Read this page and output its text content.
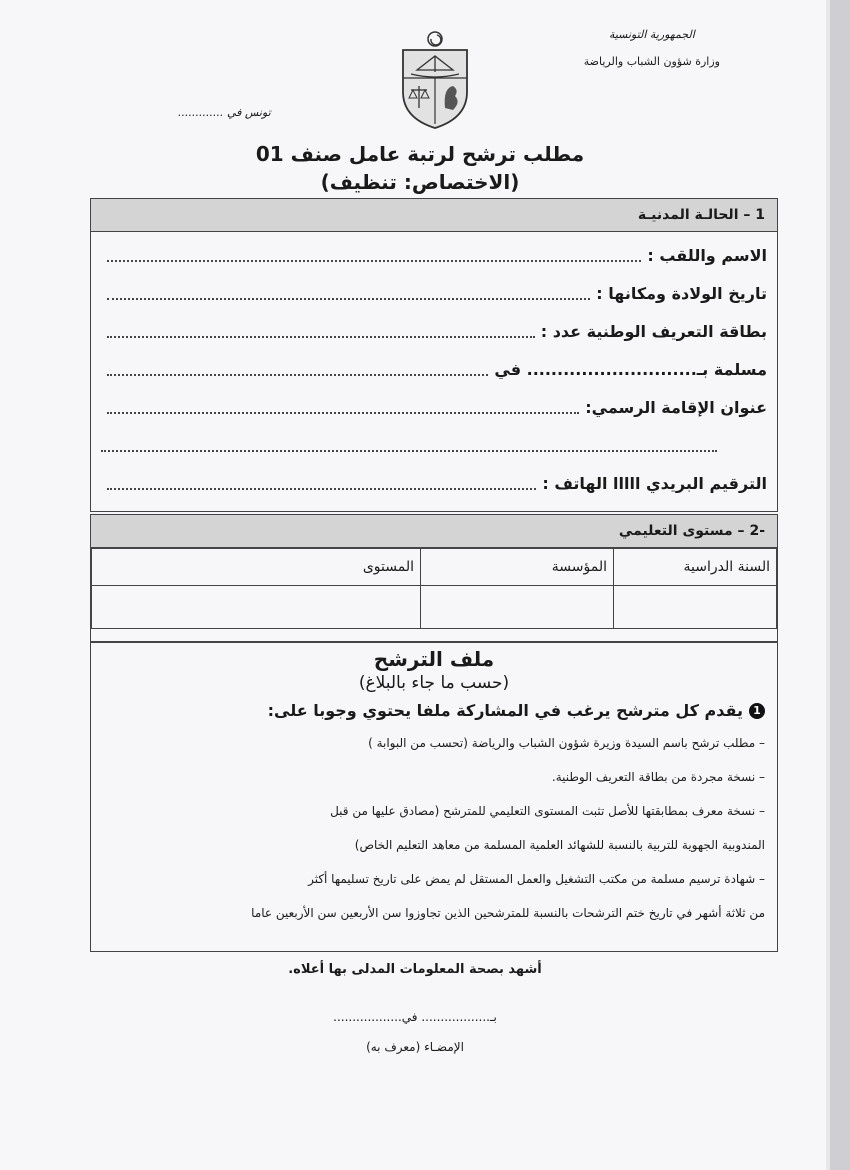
الجمهورية التونسية
وزارة شؤون الشباب والرياضة
تونس في .............
مطلب ترشح لرتبة عامل صنف 01
(الاختصاص: تنظيف)
1 – الحالـة المدنيـة
الاسم واللقب :
تاريخ الولادة ومكانها :
بطاقة التعريف الوطنية عدد :
مسلمة بـ............................ في
عنوان الإقامة الرسمي:
الترقيم البريدي ااااا الهاتف :
-2 – مستوى التعليمي
السنة الدراسية	المؤسسة	المستوى

ملف الترشح
(حسب ما جاء بالبلاغ)
1
يقدم كل مترشح يرغب في المشاركة ملفا يحتوي وجوبا على:
– مطلب ترشح باسم السيدة وزيرة شؤون الشباب والرياضة (تحسب من البوابة )
– نسخة مجردة من بطاقة التعريف الوطنية.
– نسخة معرف بمطابقتها للأصل تثبت المستوى التعليمي للمترشح (مصادق عليها من قبل
المندوبية الجهوية للتربية بالنسبة للشهائد العلمية المسلمة من معاهد التعليم الخاص)
– شهادة ترسيم مسلمة من مكتب التشغيل والعمل المستقل لم يمض على تاريخ تسليمها أكثر
من ثلاثة أشهر في تاريخ ختم الترشحات بالنسبة للمترشحين الذين تجاوزوا سن الأربعين سن الأربعين عاما
أشهد بصحة المعلومات المدلى بها أعلاه.
بـ.................. في..................
الإمضـاء (معرف به)
